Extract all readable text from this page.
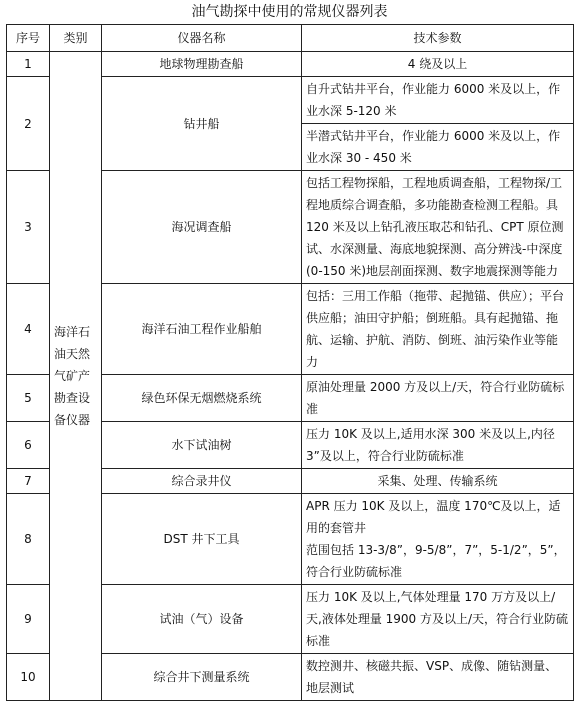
油气勘探中使用的常规仪器列表
序号	类别	仪器名称	技术参数
1	海洋石油天然气矿产勘查设备仪器	地球物理勘查船	4 绕及以上
2		钻井船	自升式钻井平台，作业能力 6000 米及以上，作业水深 5-120 米
			半潜式钻井平台，作业能力 6000 米及以上，作业水深 30 - 450 米
3		海况调查船	包括工程物探船，工程地质调查船，工程物探/工程地质综合调查船，多功能勘查检测工程船。具 120 米及以上钻孔液压取芯和钻孔、CPT 原位测试、水深测量、海底地貌探测、高分辨浅-中深度(0-150 米)地层剖面探测、数字地震探测等能力
4		海洋石油工程作业船舶	包括：三用工作船（拖带、起抛锚、供应）；平台供应船；油田守护船；倒班船。具有起抛锚、拖航、运输、护航、消防、倒班、油污染作业等能力
5		绿色环保无烟燃烧系统	原油处理量 2000 方及以上/天，符合行业防硫标准
6		水下试油树	压力 10K 及以上,适用水深 300 米及以上,内径 3”及以上，符合行业防硫标准
7		综合录井仪	采集、处理、传输系统
8		DST 井下工具	APR 压力 10K 及以上，温度 170℃及以上，适用的套管井
范围包括 13-3/8”，9-5/8”，7”，5-1/2”，5”，符合行业防硫标准
9		试油（气）设备	压力 10K 及以上,气体处理量 170 万方及以上/天,液体处理量 1900 方及以上/天，符合行业防硫标准
10		综合井下测量系统	数控测井、核磁共振、VSP、成像、随钻测量、地层测试
